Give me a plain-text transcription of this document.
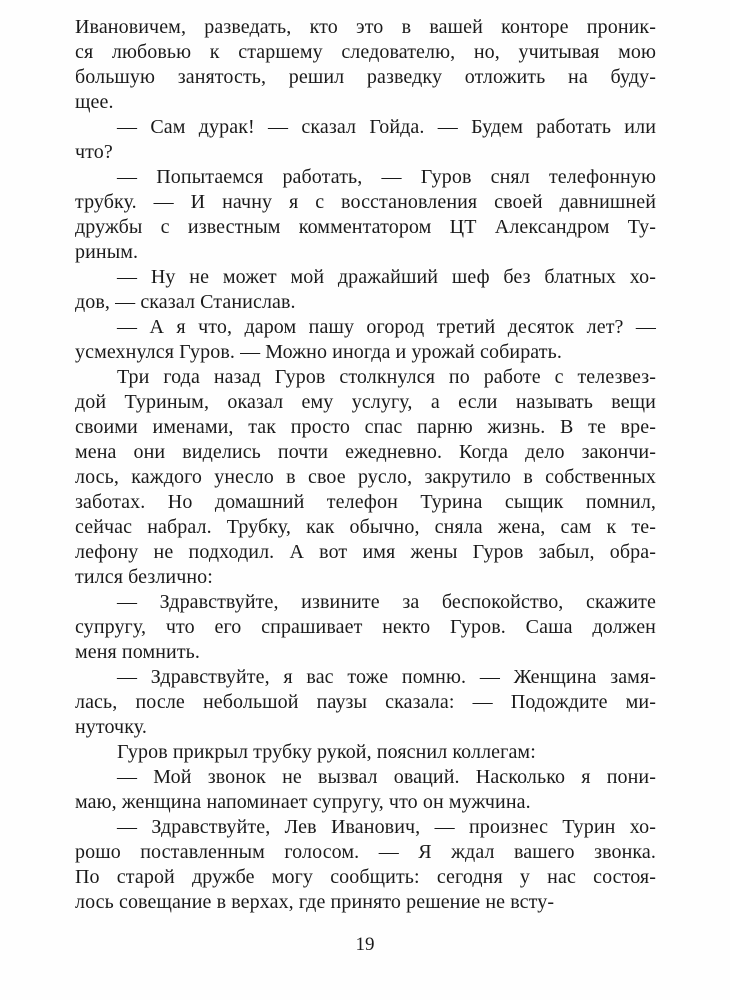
Ивановичем, разведать, кто это в вашей конторе проник-
ся любовью к старшему следователю, но, учитывая мою
большую занятость, решил разведку отложить на буду-
щее.
— Сам дурак! — сказал Гойда. — Будем работать или
что?
— Попытаемся работать, — Гуров снял телефонную
трубку. — И начну я с восстановления своей давнишней
дружбы с известным комментатором ЦТ Александром Ту-
риным.
— Ну не может мой дражайший шеф без блатных хо-
дов, — сказал Станислав.
— А я что, даром пашу огород третий десяток лет? —
усмехнулся Гуров. — Можно иногда и урожай собирать.
Три года назад Гуров столкнулся по работе с телезвез-
дой Туриным, оказал ему услугу, а если называть вещи
своими именами, так просто спас парню жизнь. В те вре-
мена они виделись почти ежедневно. Когда дело закончи-
лось, каждого унесло в свое русло, закрутило в собственных
заботах. Но домашний телефон Турина сыщик помнил,
сейчас набрал. Трубку, как обычно, сняла жена, сам к те-
лефону не подходил. А вот имя жены Гуров забыл, обра-
тился безлично:
— Здравствуйте, извините за беспокойство, скажите
супругу, что его спрашивает некто Гуров. Саша должен
меня помнить.
— Здравствуйте, я вас тоже помню. — Женщина замя-
лась, после небольшой паузы сказала: — Подождите ми-
нуточку.
Гуров прикрыл трубку рукой, пояснил коллегам:
— Мой звонок не вызвал оваций. Насколько я пони-
маю, женщина напоминает супругу, что он мужчина.
— Здравствуйте, Лев Иванович, — произнес Турин хо-
рошо поставленным голосом. — Я ждал вашего звонка.
По старой дружбе могу сообщить: сегодня у нас состоя-
лось совещание в верхах, где принято решение не всту-
19
